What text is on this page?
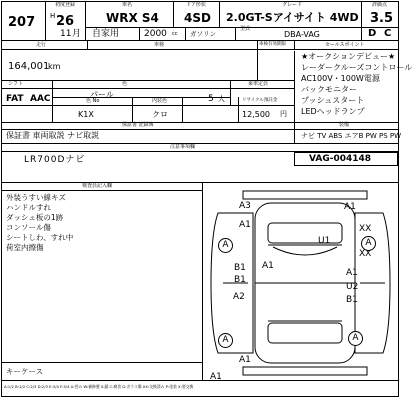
207
初度登録
H 26
11 月
車名
WRX S4
ドア形状
4SD
グレード
2.0GT-Sアイサイト 4WD
評価点
3.5
自家用	2000 cc ガソリン
型式
DBA-VAG	D C
走行	車検	車検有効期限	セールスポイント
164,001
km
★オークションデビュー★
レーダークルーズコントロール
AC100V・100W電源
バックモニター
プッシュスタート
LEDヘッドランプ
シフト	色	乗車定員
FAT AAC	パール	5 人
色 No	内装色	リサイクル預託金
K1X	クロ	12,500 円
保証書 記録簿	装備
保証書 車両取説 ナビ取説	ナビ TV ABS エアB PW PS PW
注意事項欄
LR700Dナビ	VAG-004148
検査員記入欄
外装うすい線キズ
ハンドルすれ
ダッシュ板の1跡
コンソール傷
シートしわ、すれ中
荷室内擦傷
キーケース
A:1/2 B:1/2 C:2/3 D:2/3 E:3/4 F:3/4 U:凹み W:補修歴 S:錆 C:腐食 G:ガラス傷 XX:交換済み P:塗装 X:要交換
A
A
A
A
A3
A1
A1
U1
XX
XX
B1
B1
A1
A2
A1
U2
B1
A1
A1
